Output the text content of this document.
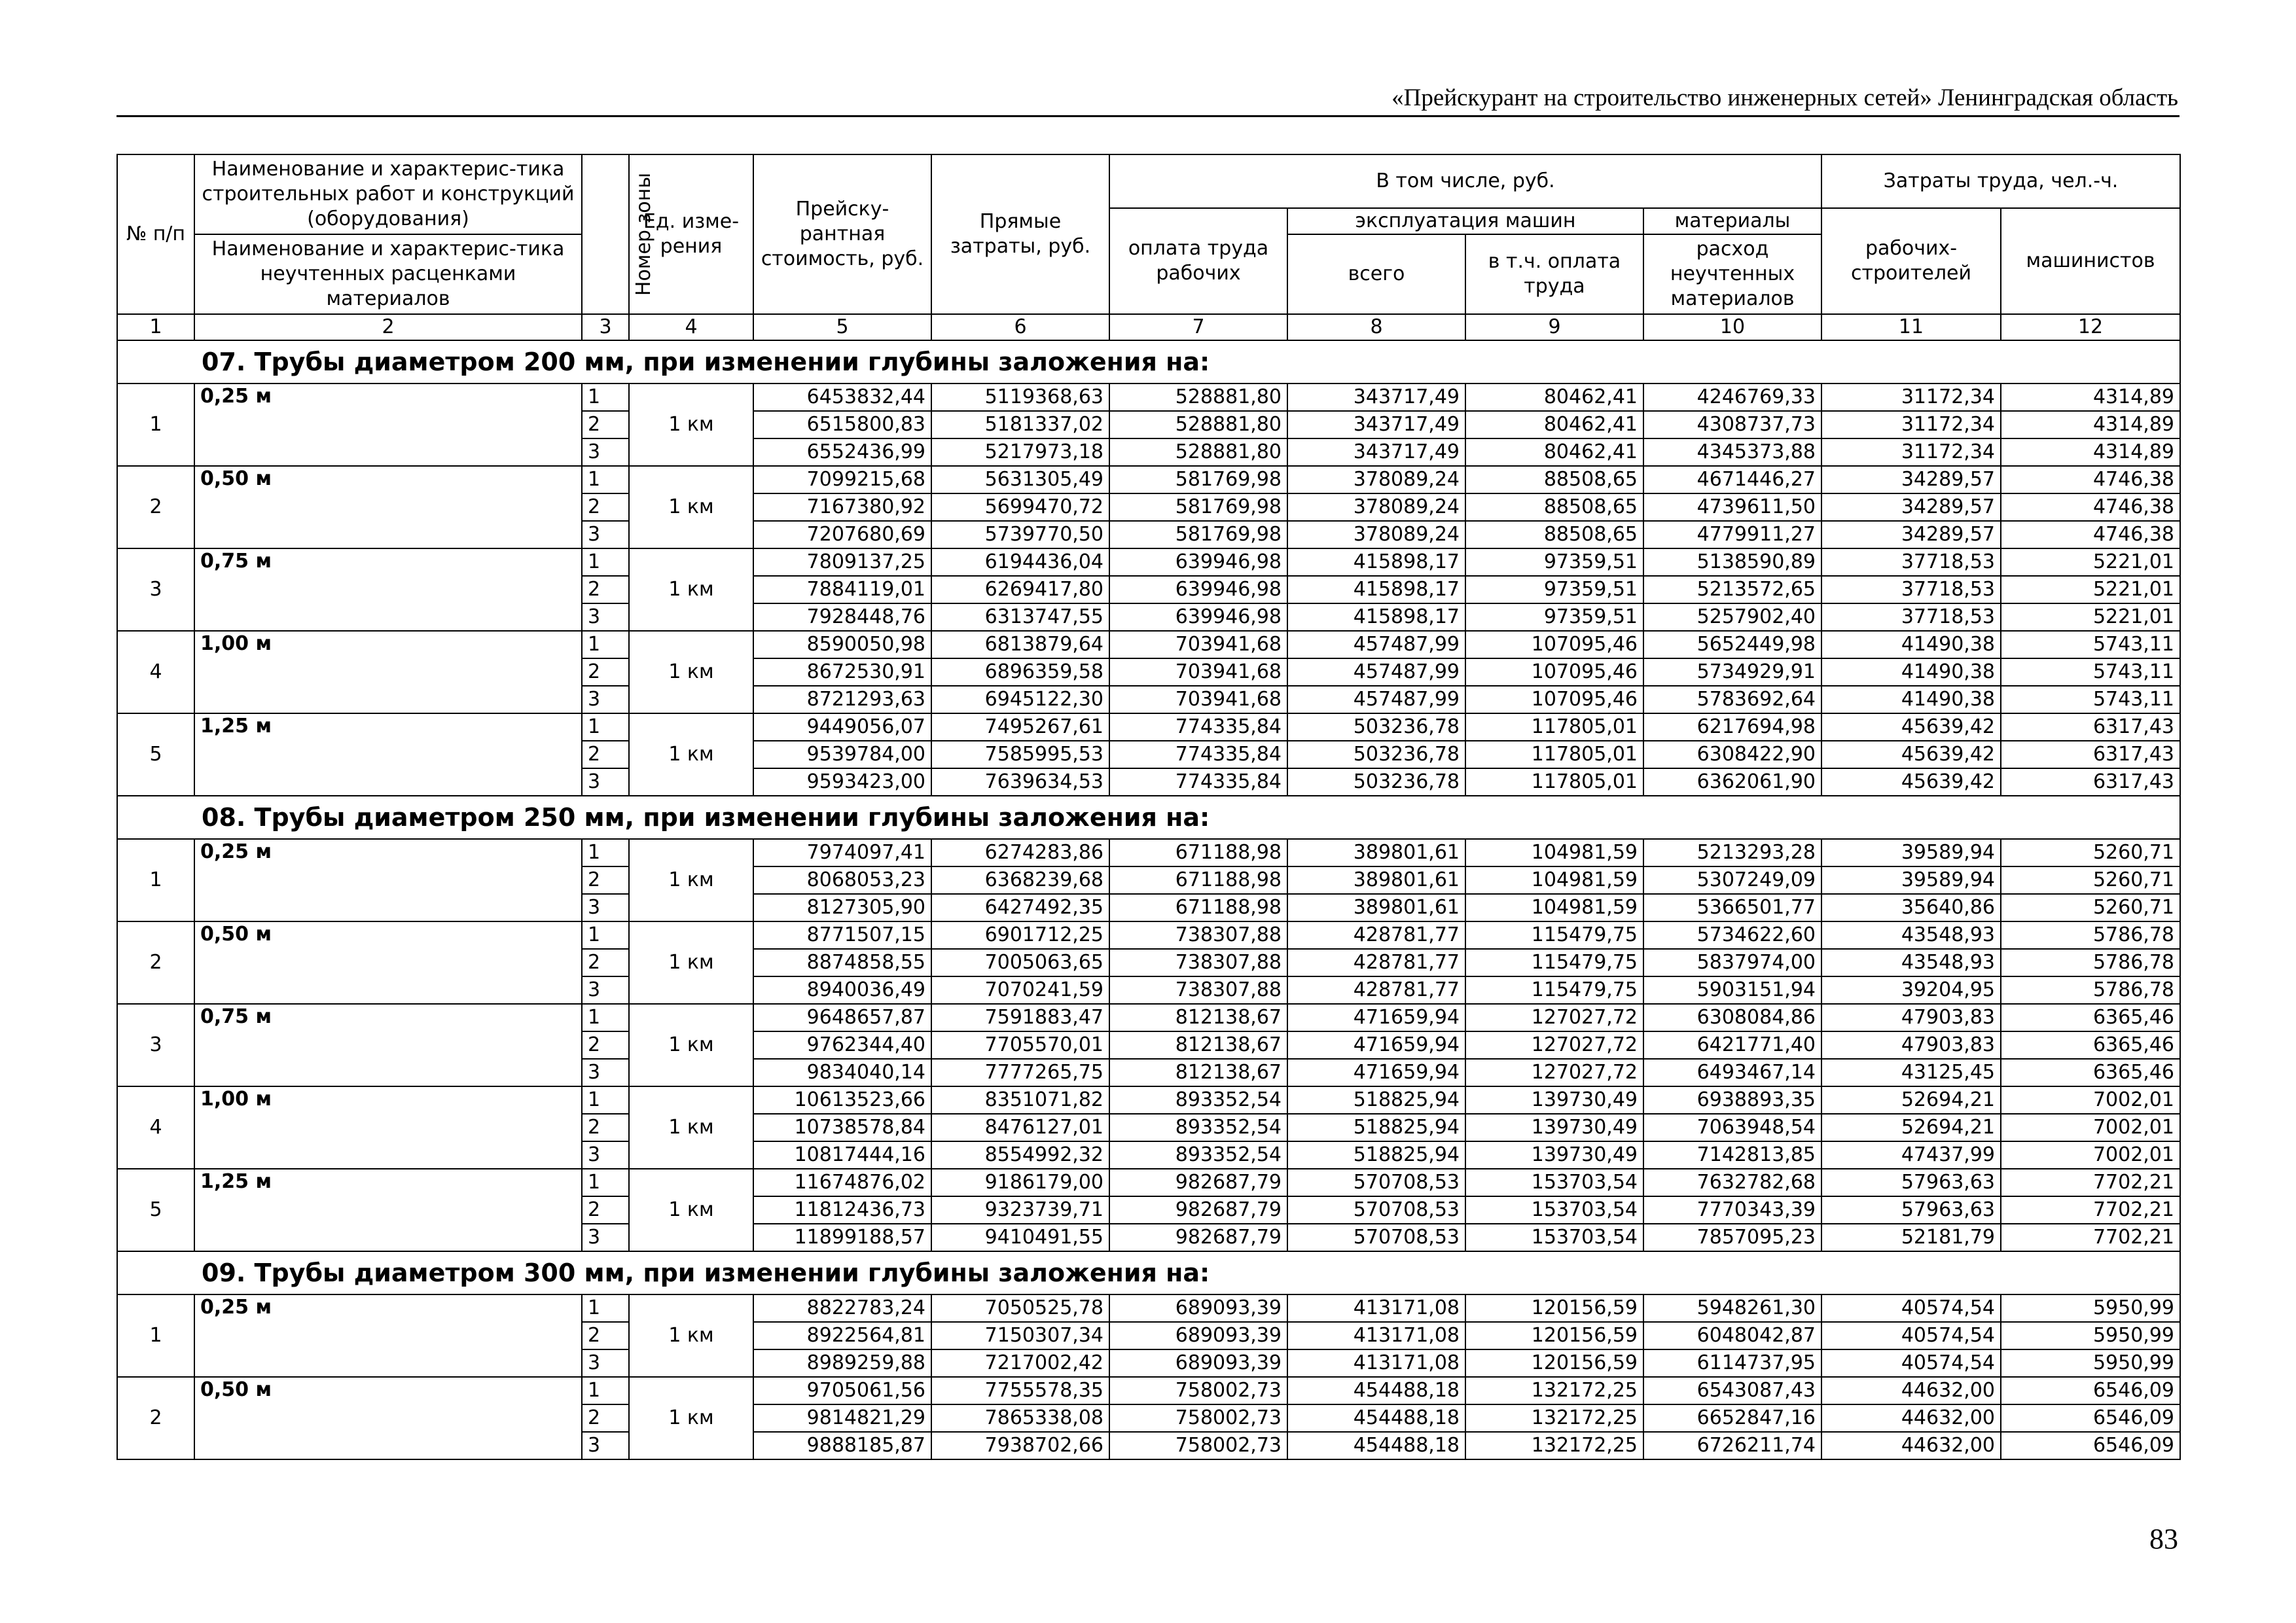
«Прейскурант на строительство инженерных сетей» Ленинградская область
№ п/п	Наименование и характерис-тика строительных работ и конструкций (оборудования)	Номер зоны	Ед. изме-рения	Прейску-рантная стоимость, руб.	Прямые затраты, руб.	В том числе, руб.				Затраты труда, чел.-ч.	
						оплата труда рабочих	эксплуатация машин		материалы	рабочих-строителей	машинистов
	Наименование и характерис-тика неучтенных расценками материалов						всего	в т.ч. оплата труда	расход неучтенных материалов		
1	2	3	4	5	6	7	8	9	10	11	12
07. Трубы диаметром 200 мм, при изменении глубины заложения на:											
1	0,25 м	1	1 км	6453832,44	5119368,63	528881,80	343717,49	80462,41	4246769,33	31172,34	4314,89
		2		6515800,83	5181337,02	528881,80	343717,49	80462,41	4308737,73	31172,34	4314,89
		3		6552436,99	5217973,18	528881,80	343717,49	80462,41	4345373,88	31172,34	4314,89
2	0,50 м	1	1 км	7099215,68	5631305,49	581769,98	378089,24	88508,65	4671446,27	34289,57	4746,38
		2		7167380,92	5699470,72	581769,98	378089,24	88508,65	4739611,50	34289,57	4746,38
		3		7207680,69	5739770,50	581769,98	378089,24	88508,65	4779911,27	34289,57	4746,38
3	0,75 м	1	1 км	7809137,25	6194436,04	639946,98	415898,17	97359,51	5138590,89	37718,53	5221,01
		2		7884119,01	6269417,80	639946,98	415898,17	97359,51	5213572,65	37718,53	5221,01
		3		7928448,76	6313747,55	639946,98	415898,17	97359,51	5257902,40	37718,53	5221,01
4	1,00 м	1	1 км	8590050,98	6813879,64	703941,68	457487,99	107095,46	5652449,98	41490,38	5743,11
		2		8672530,91	6896359,58	703941,68	457487,99	107095,46	5734929,91	41490,38	5743,11
		3		8721293,63	6945122,30	703941,68	457487,99	107095,46	5783692,64	41490,38	5743,11
5	1,25 м	1	1 км	9449056,07	7495267,61	774335,84	503236,78	117805,01	6217694,98	45639,42	6317,43
		2		9539784,00	7585995,53	774335,84	503236,78	117805,01	6308422,90	45639,42	6317,43
		3		9593423,00	7639634,53	774335,84	503236,78	117805,01	6362061,90	45639,42	6317,43
08. Трубы диаметром 250 мм, при изменении глубины заложения на:											
1	0,25 м	1	1 км	7974097,41	6274283,86	671188,98	389801,61	104981,59	5213293,28	39589,94	5260,71
		2		8068053,23	6368239,68	671188,98	389801,61	104981,59	5307249,09	39589,94	5260,71
		3		8127305,90	6427492,35	671188,98	389801,61	104981,59	5366501,77	35640,86	5260,71
2	0,50 м	1	1 км	8771507,15	6901712,25	738307,88	428781,77	115479,75	5734622,60	43548,93	5786,78
		2		8874858,55	7005063,65	738307,88	428781,77	115479,75	5837974,00	43548,93	5786,78
		3		8940036,49	7070241,59	738307,88	428781,77	115479,75	5903151,94	39204,95	5786,78
3	0,75 м	1	1 км	9648657,87	7591883,47	812138,67	471659,94	127027,72	6308084,86	47903,83	6365,46
		2		9762344,40	7705570,01	812138,67	471659,94	127027,72	6421771,40	47903,83	6365,46
		3		9834040,14	7777265,75	812138,67	471659,94	127027,72	6493467,14	43125,45	6365,46
4	1,00 м	1	1 км	10613523,66	8351071,82	893352,54	518825,94	139730,49	6938893,35	52694,21	7002,01
		2		10738578,84	8476127,01	893352,54	518825,94	139730,49	7063948,54	52694,21	7002,01
		3		10817444,16	8554992,32	893352,54	518825,94	139730,49	7142813,85	47437,99	7002,01
5	1,25 м	1	1 км	11674876,02	9186179,00	982687,79	570708,53	153703,54	7632782,68	57963,63	7702,21
		2		11812436,73	9323739,71	982687,79	570708,53	153703,54	7770343,39	57963,63	7702,21
		3		11899188,57	9410491,55	982687,79	570708,53	153703,54	7857095,23	52181,79	7702,21
09. Трубы диаметром 300 мм, при изменении глубины заложения на:											
1	0,25 м	1	1 км	8822783,24	7050525,78	689093,39	413171,08	120156,59	5948261,30	40574,54	5950,99
		2		8922564,81	7150307,34	689093,39	413171,08	120156,59	6048042,87	40574,54	5950,99
		3		8989259,88	7217002,42	689093,39	413171,08	120156,59	6114737,95	40574,54	5950,99
2	0,50 м	1	1 км	9705061,56	7755578,35	758002,73	454488,18	132172,25	6543087,43	44632,00	6546,09
		2		9814821,29	7865338,08	758002,73	454488,18	132172,25	6652847,16	44632,00	6546,09
		3		9888185,87	7938702,66	758002,73	454488,18	132172,25	6726211,74	44632,00	6546,09
83
